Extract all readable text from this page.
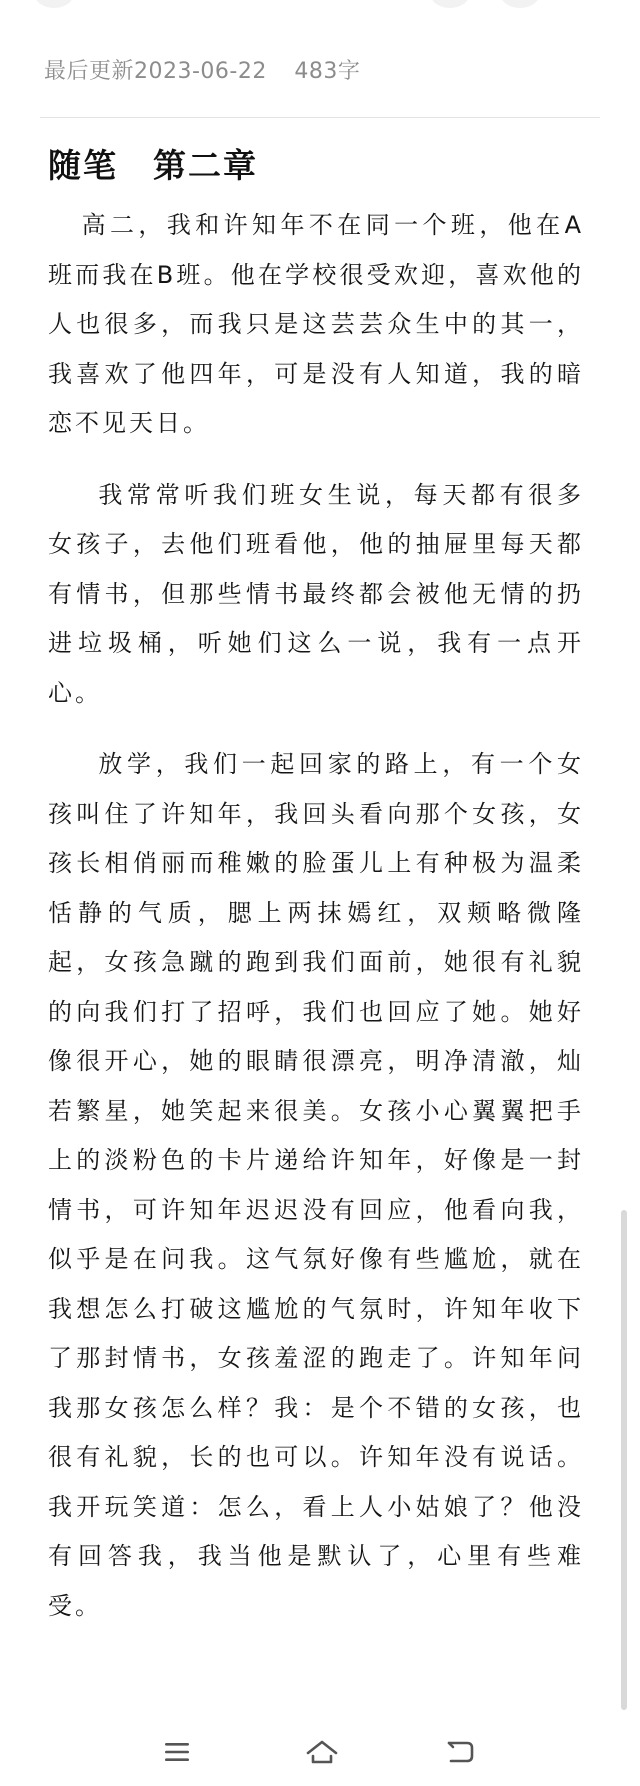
最后更新2023-06-22 483字
随笔　第二章

高二，我和许知年不在同一个班，他在A班而我在B班。他在学校很受欢迎，喜欢他的人也很多，而我只是这芸芸众生中的其一，我喜欢了他四年，可是没有人知道，我的暗恋不见天日。

我常常听我们班女生说，每天都有很多女孩子，去他们班看他，他的抽屉里每天都有情书，但那些情书最终都会被他无情的扔进垃圾桶，听她们这么一说，我有一点开心。

放学，我们一起回家的路上，有一个女孩叫住了许知年，我回头看向那个女孩，女孩长相俏丽而稚嫩的脸蛋儿上有种极为温柔恬静的气质，腮上两抹嫣红，双颊略微隆起，女孩急蹴的跑到我们面前，她很有礼貌的向我们打了招呼，我们也回应了她。她好像很开心，她的眼睛很漂亮，明净清澈，灿若繁星，她笑起来很美。女孩小心翼翼把手上的淡粉色的卡片递给许知年，好像是一封情书，可许知年迟迟没有回应，他看向我，似乎是在问我。这气氛好像有些尴尬，就在我想怎么打破这尴尬的气氛时，许知年收下了那封情书，女孩羞涩的跑走了。许知年问我那女孩怎么样？我：是个不错的女孩，也很有礼貌，长的也可以。许知年没有说话。我开玩笑道：怎么，看上人小姑娘了？他没有回答我，我当他是默认了，心里有些难受。
